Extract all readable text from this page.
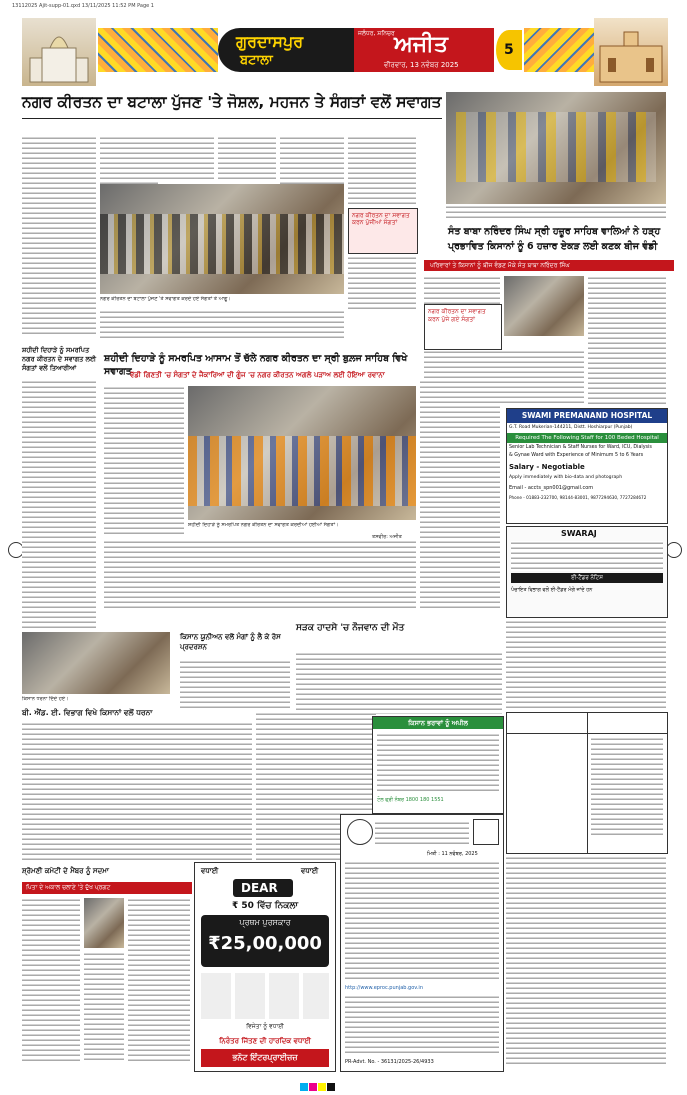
13112025 Ajit-supp-01.qxd 13/11/2025 11:52 PM Page 1
ਗੁਰਦਾਸਪੁਰ
ਬਟਾਲਾ
ਜਲੰਧਰ, ਸ਼ਨਿਚਰ ਅਜੀਤ
ਵੀਰਵਾਰ, 13 ਨਵੰਬਰ 2025
5
ਨਗਰ ਕੀਰਤਨ ਦਾ ਬਟਾਲਾ ਪੁੱਜਣ 'ਤੇ ਜੋਸ਼ਲ, ਮਹਜਨ ਤੇ ਸੰਗਤਾਂ ਵਲੋਂ ਸਵਾਗਤ
ਸੰਤ ਬਾਬਾ ਨਰਿੰਦਰ ਸਿੰਘ ਸ੍ਰੀ ਹਜ਼ੂਰ ਸਾਹਿਬ ਵਾਲਿਆਂ ਨੇ ਹੜ੍ਹ ਪ੍ਰਭਾਵਿਤ ਕਿਸਾਨਾਂ ਨੂੰ 6 ਹਜ਼ਾਰ ਏਕੜ ਲਈ ਕਣਕ ਬੀਜ ਵੰਡੀ
ਪਰਿਵਾਰਾਂ ਤੇ ਕਿਸਾਨਾਂ ਨੂੰ ਬੀਜ ਵੰਡਣ ਮੌਕੇ ਸੰਤ ਬਾਬਾ ਨਰਿੰਦਰ ਸਿੰਘ
ਨਗਰ ਕੀਰਤਨ ਦਾ ਬਟਾਲਾ ਪੁੱਜਣ 'ਤੇ ਸਵਾਗਤ ਕਰਦੇ ਹੋਏ ਸੰਗਤਾਂ ਤੇ ਆਗੂ।
ਨਗਰ ਕੀਰਤਨ ਦਾ ਸਵਾਗਤ ਕਰਨ ਪੁੱਜੀਆਂ ਸੰਗਤਾਂ
ਨਗਰ ਕੀਰਤਨ ਦਾ ਸਵਾਗਤ ਕਰਨ ਪੁੱਜੇ ਗਏ ਸੰਗਤਾਂ
ਸ਼ਹੀਦੀ ਦਿਹਾੜੇ ਨੂੰ ਸਮਰਪਿਤ ਨਗਰ ਕੀਰਤਨ ਦੇ ਸਵਾਗਤ ਲਈ ਸੰਗਤਾਂ ਵਲੋਂ ਤਿਆਰੀਆਂ
ਸ਼ਹੀਦੀ ਦਿਹਾੜੇ ਨੂੰ ਸਮਰਪਿਤ ਆਸਾਮ ਤੋਂ ਚੱਲੇ ਨਗਰ ਕੀਰਤਨ ਦਾ ਸ੍ਰੀ ਬੁਲ਼ਜ ਸਾਹਿਬ ਵਿਖੇ ਸਵਾਗਤ
ਵੱਡੀ ਗਿਣਤੀ 'ਚ ਸੰਗਤਾਂ ਦੇ ਜੈਕਾਰਿਆਂ ਦੀ ਗੂੰਜ 'ਚ ਨਗਰ ਕੀਰਤਨ ਅਗਲੇ ਪੜਾਅ ਲਈ ਹੋਇਆ ਰਵਾਨਾ
ਸ਼ਹੀਦੀ ਦਿਹਾੜੇ ਨੂੰ ਸਮਰਪਿਤ ਨਗਰ ਕੀਰਤਨ ਦਾ ਸਵਾਗਤ ਕਰਦੀਆਂ ਹੋਈਆਂ ਸੰਗਤਾਂ।
ਤਸਵੀਰ: ਅਜੀਤ
SWAMI PREMANAND HOSPITAL
G.T. Road Mukerian-144211, Distt. Hoshiarpur (Punjab)
Required The Following Staff for 100 Beded Hospital
Senior Lab Technician & Staff Nurses for Ward, ICU, Dialysis
& Gynae Ward with Experience of Minimum 5 to 6 Years
Salary - Negotiable
Apply immediately with bio-data and photograph
Email - accts_spn001@gmail.com
Phone - 01883-232700, 98144-83001, 9877294630, 7727284672
SWARAJ
ਈ-ਟੈਂਡਰ ਨੋਟਿਸ
ਪੰਚਾਇਤ ਵਿਭਾਗ ਵਲੋਂ ਈ-ਟੈਂਡਰ ਮੰਗੇ ਜਾਂਦੇ ਹਨ
ਕਿਸਾਨ ਧਰਨਾ ਦਿੰਦੇ ਹੋਏ।
ਬੀ. ਐਂਡ. ਈ. ਵਿਭਾਗ ਵਿਖੇ ਕਿਸਾਨਾਂ ਵਲੋਂ ਧਰਨਾ
ਕਿਸਾਨ ਯੂਨੀਅਨ ਵਲੋਂ ਮੰਗਾਂ ਨੂੰ ਲੈ ਕੇ ਰੋਸ ਪ੍ਰਦਰਸ਼ਨ
ਸੜਕ ਹਾਦਸੇ 'ਚ ਨੌਜਵਾਨ ਦੀ ਮੌਤ
ਕਿਸਾਨ ਭਰਾਵਾਂ ਨੂੰ ਅਪੀਲ
ਟੋਲ ਫ੍ਰੀ ਨੰਬਰ 1800 180 1551
ਵਧਾਈ	ਵਧਾਈ
DEAR
₹ 50 ਵਿੱਚ ਨਿਕਲਾ
ਪ੍ਰਥਮ ਪੁਰਸਕਾਰ
₹25,00,000
ਵਿਜੇਤਾ ਨੂੰ ਵਧਾਈ
ਨਿਰੰਤਰ ਜਿੱਤਣ ਦੀ ਹਾਰਦਿਕ ਵਧਾਈ
ਭਨੋਟ ਇੰਟਰਪ੍ਰਾਈਜ਼ਜ਼
ਮਿਤੀ : 11 ਨਵੰਬਰ, 2025
http://www.eproc.punjab.gov.in
PR-Advt. No. - 36131/2025-26/4933
ਸ਼੍ਰੋਮਣੀ ਕਮੇਟੀ ਦੇ ਮੈਂਬਰ ਨੂੰ ਸਦਮਾ
ਪਿਤਾ ਦੇ ਅਕਾਲ ਚਲਾਣੇ 'ਤੇ ਦੁੱਖ ਪ੍ਰਗਟ
